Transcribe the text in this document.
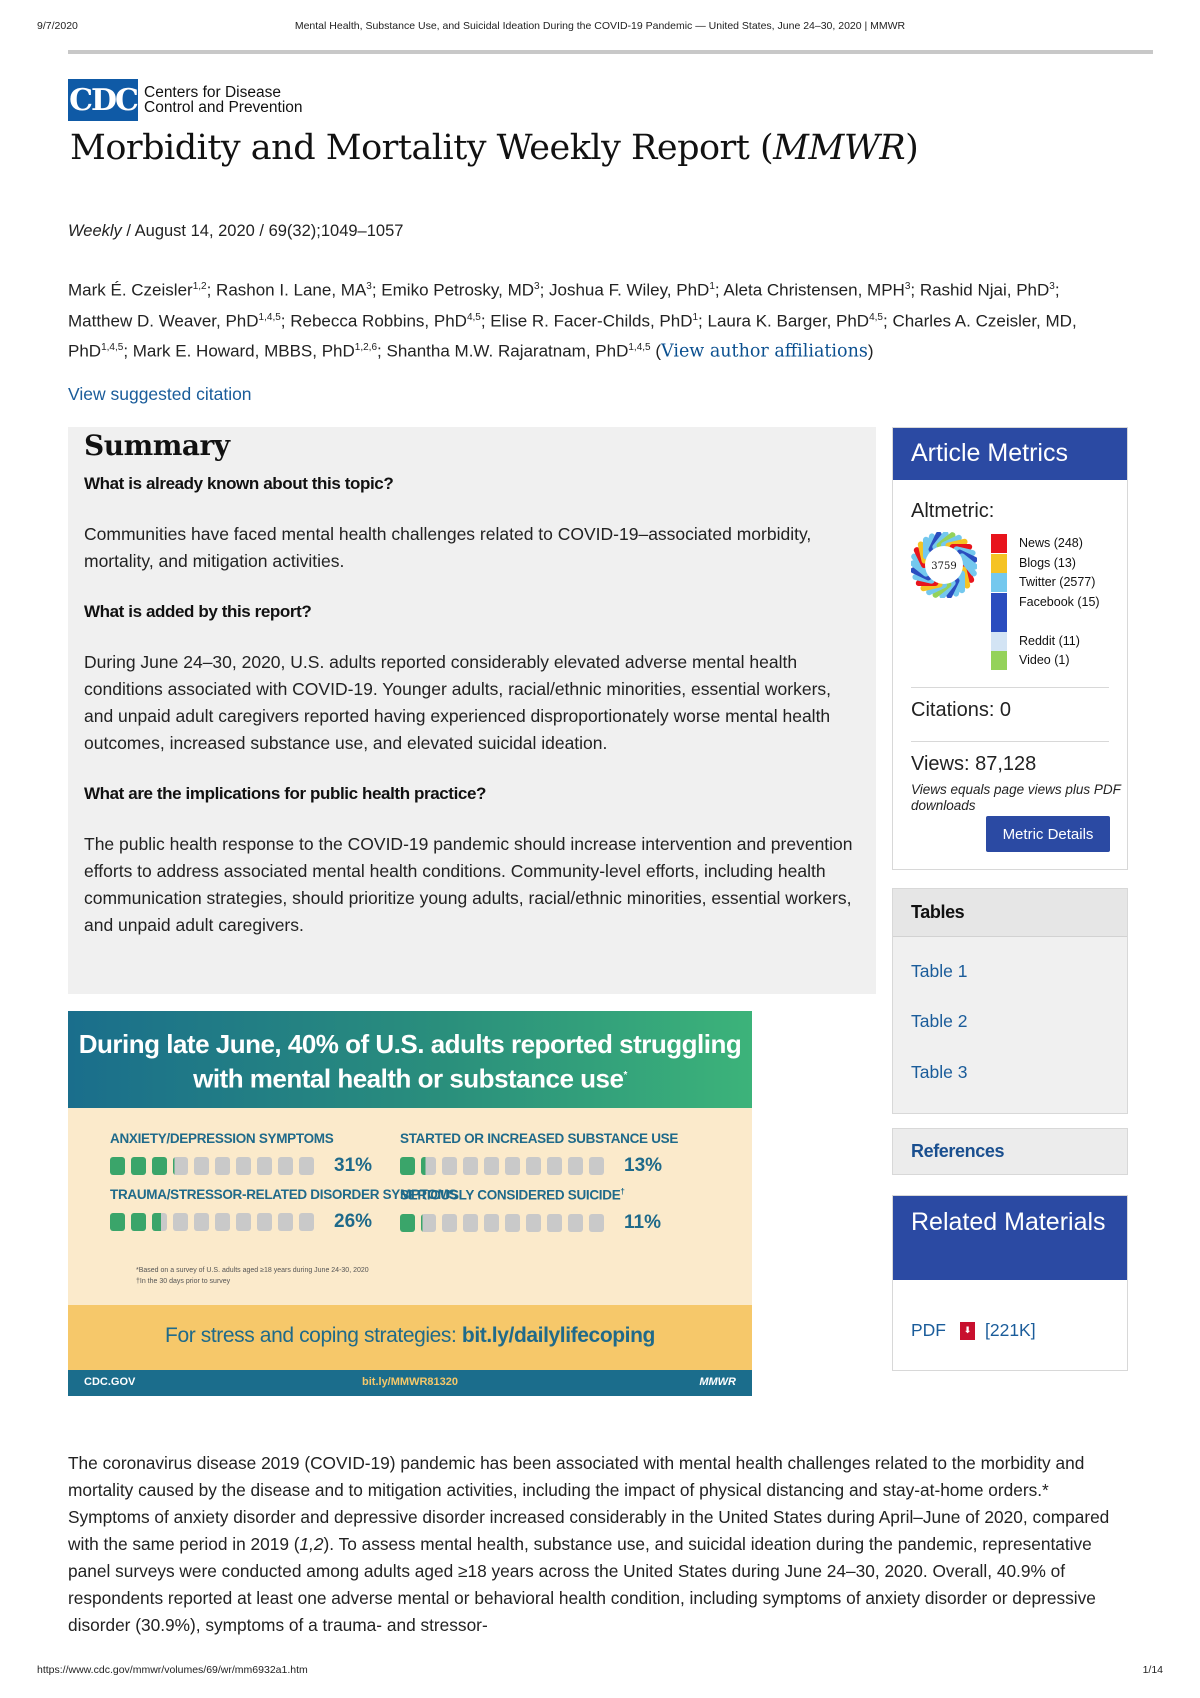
9/7/2020	Mental Health, Substance Use, and Suicidal Ideation During the COVID-19 Pandemic — United States, June 24–30, 2020 | MMWR
CDC Centers for Disease
Control and Prevention
Morbidity and Mortality Weekly Report (MMWR)
Weekly / August 14, 2020 / 69(32);1049–1057
Mark É. Czeisler$^{1,2}$; Rashon I. Lane, $MA^3$; Emiko Petrosky, $MD^3$; Joshua F. Wiley, PhD$^1$; Aleta Christensen, MPH$^3$; Rashid Njai, PhD$^3$; Matthew D. Weaver, PhD$^{1,4,5}$; Rebecca Robbins, PhD$^{4,5}$; Elise R. Facer-Childs, PhD$^1$; Laura K. Barger, PhD$^{4,5}$; Charles A. Czeisler, MD, PhD$^{1,4,5}$; Mark E. Howard, MBBS, PhD$^{1,2,6}$; Shantha M.W. Rajaratnam, PhD$^{1,4,5}$ (View author affiliations)
View suggested citation
Summary
What is already known about this topic?

Communities have faced mental health challenges related to COVID-19–associated morbidity, mortality, and mitigation activities.

What is added by this report?

During June 24–30, 2020, U.S. adults reported considerably elevated adverse mental health conditions associated with COVID-19. Younger adults, racial/ethnic minorities, essential workers, and unpaid adult caregivers reported having experienced disproportionately worse mental health outcomes, increased substance use, and elevated suicidal ideation.

What are the implications for public health practice?

The public health response to the COVID-19 pandemic should increase intervention and prevention efforts to address associated mental health conditions. Community-level efforts, including health communication strategies, should prioritize young adults, racial/ethnic minorities, essential workers, and unpaid adult caregivers.

Article Metrics
Altmetric:
3759
News (248)
Blogs (13)
Twitter (2577)
Facebook (15)
Reddit (11)
Video (1)
Citations: 0
Views: 87,128
Views equals page views plus PDF downloads
Metric Details
Tables
Table 1
Table 2
Table 3
References
Related Materials
PDF	⬇ [221K]
During late June, 40% of U.S. adults reported struggling
with mental health or substance use*
ANXIETY/DEPRESSION SYMPTOMS
31%
STARTED OR INCREASED SUBSTANCE USE
13%
TRAUMA/STRESSOR-RELATED DISORDER SYMPTOMS
26%
SERIOUSLY CONSIDERED SUICIDE†
11%
*Based on a survey of U.S. adults aged ≥18 years during June 24-30, 2020
†In the 30 days prior to survey
For stress and coping strategies: bit.ly/dailylifecoping
CDC.GOV	bit.ly/MMWR81320	MMWR
The coronavirus disease 2019 (COVID-19) pandemic has been associated with mental health challenges related to the morbidity and mortality caused by the disease and to mitigation activities, including the impact of physical distancing and stay-at-home orders.* Symptoms of anxiety disorder and depressive disorder increased considerably in the United States during April–June of 2020, compared with the same period in 2019 (1,2). To assess mental health, substance use, and suicidal ideation during the pandemic, representative panel surveys were conducted among adults aged ≥18 years across the United States during June 24–30, 2020. Overall, 40.9% of respondents reported at least one adverse mental or behavioral health condition, including symptoms of anxiety disorder or depressive disorder (30.9%), symptoms of a trauma- and stressor-
https://www.cdc.gov/mmwr/volumes/69/wr/mm6932a1.htm	1/14
